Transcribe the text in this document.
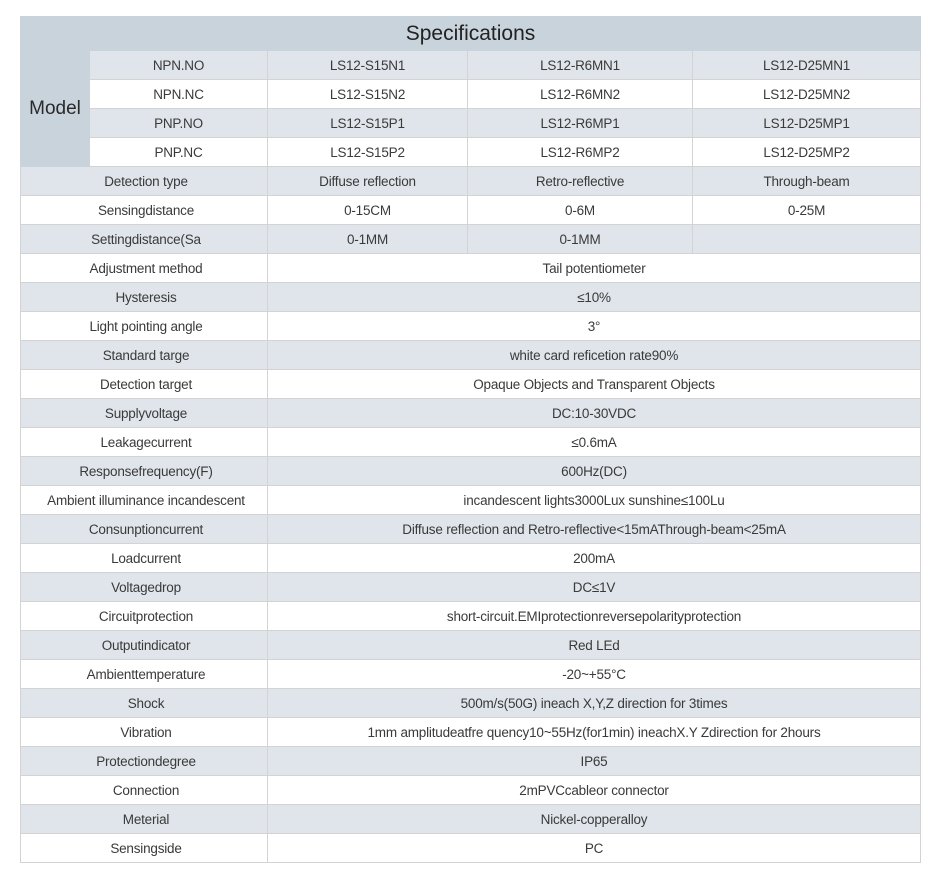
Specifications				
Model	NPN.NO	LS12-S15N1	LS12-R6MN1	LS12-D25MN1
	NPN.NC	LS12-S15N2	LS12-R6MN2	LS12-D25MN2
	PNP.NO	LS12-S15P1	LS12-R6MP1	LS12-D25MP1
	PNP.NC	LS12-S15P2	LS12-R6MP2	LS12-D25MP2
Detection type		Diffuse reflection	Retro-reflective	Through-beam
Sensingdistance		0-15CM	0-6M	0-25M
Settingdistance(Sa		0-1MM	0-1MM	
Adjustment method		Tail potentiometer		
Hysteresis		≤10%		
Light pointing angle		3°		
Standard targe		white card reficetion rate90%		
Detection target		Opaque Objects and Transparent Objects		
Supplyvoltage		DC:10-30VDC		
Leakagecurrent		≤0.6mA		
Responsefrequency(F)		600Hz(DC)		
Ambient illuminance incandescent		incandescent lights3000Lux sunshine≤100Lu		
Consunptioncurrent		Diffuse reflection and Retro-reflective<15mAThrough-beam<25mA		
Loadcurrent		200mA		
Voltagedrop		DC≤1V		
Circuitprotection		short-circuit.EMIprotectionreversepolarityprotection		
Outputindicator		Red LEd		
Ambienttemperature		-20~+55°C		
Shock		500m/s(50G) ineach X,Y,Z direction for 3times		
Vibration		1mm amplitudeatfre quency10~55Hz(for1min) ineachX.Y Zdirection for 2hours		
Protectiondegree		IP65		
Connection		2mPVCcableor connector		
Meterial		Nickel-copperalloy		
Sensingside		PC		
